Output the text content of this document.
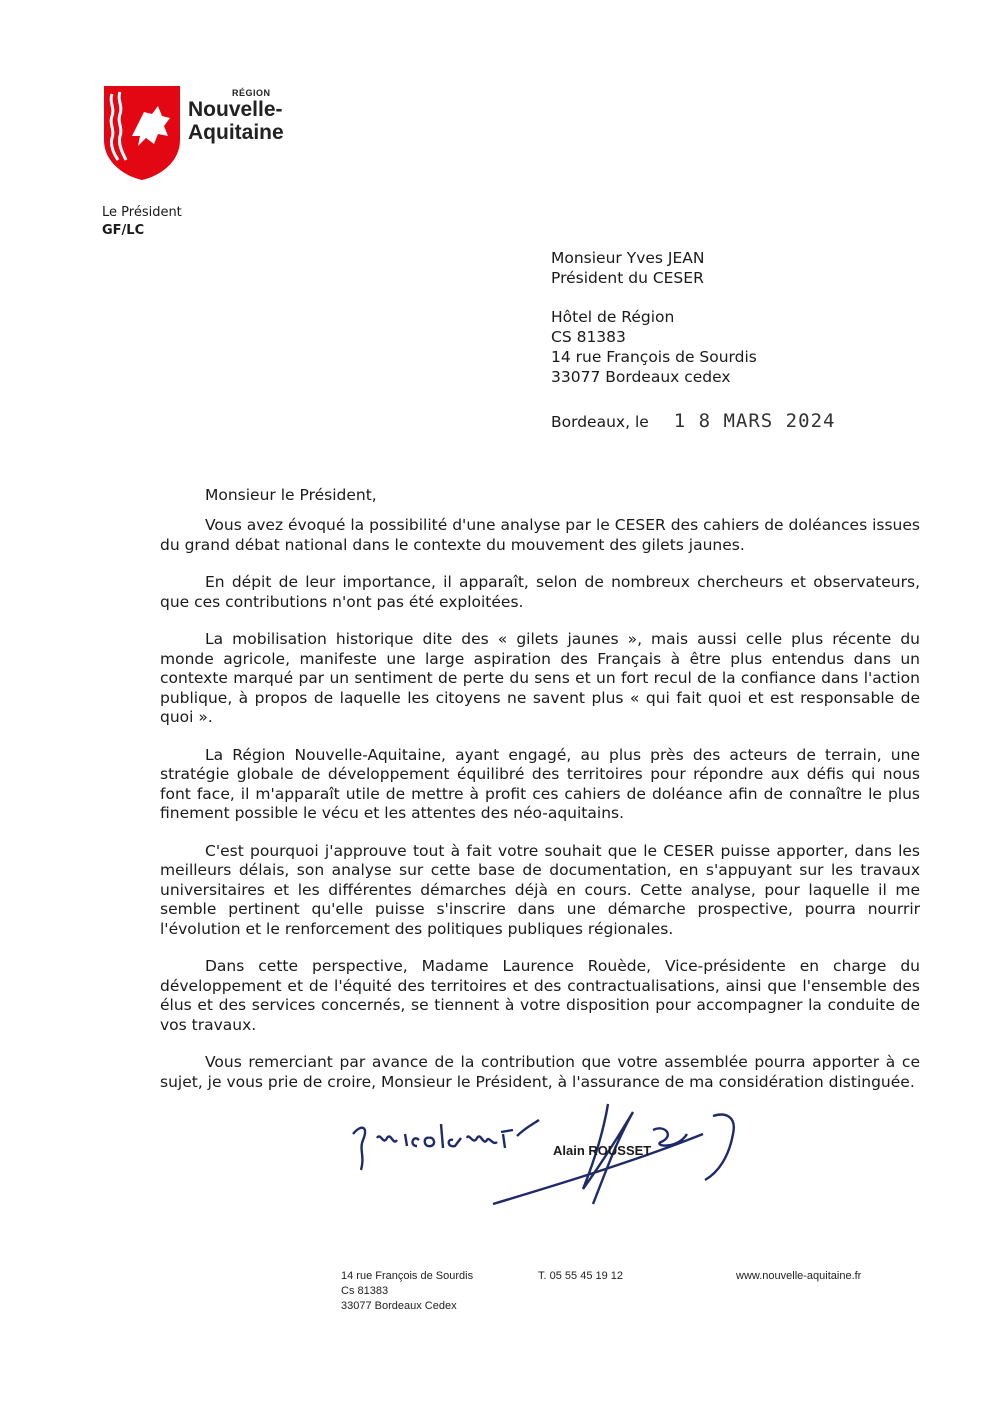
RÉGION
Nouvelle-
Aquitaine
Le Président
GF/LC
Monsieur Yves JEAN
Président du CESER
Hôtel de Région
CS 81383
14 rue François de Sourdis
33077 Bordeaux cedex
Bordeaux, le 1 8 MARS 2024
Monsieur le Président,

Vous avez évoqué la possibilité d'une analyse par le CESER des cahiers de doléances issues du grand débat national dans le contexte du mouvement des gilets jaunes.

En dépit de leur importance, il apparaît, selon de nombreux chercheurs et observateurs, que ces contributions n'ont pas été exploitées.

La mobilisation historique dite des « gilets jaunes », mais aussi celle plus récente du monde agricole, manifeste une large aspiration des Français à être plus entendus dans un contexte marqué par un sentiment de perte du sens et un fort recul de la confiance dans l'action publique, à propos de laquelle les citoyens ne savent plus « qui fait quoi et est responsable de quoi ».

La Région Nouvelle-Aquitaine, ayant engagé, au plus près des acteurs de terrain, une stratégie globale de développement équilibré des territoires pour répondre aux défis qui nous font face, il m'apparaît utile de mettre à profit ces cahiers de doléance afin de connaître le plus finement possible le vécu et les attentes des néo-aquitains.

C'est pourquoi j'approuve tout à fait votre souhait que le CESER puisse apporter, dans les meilleurs délais, son analyse sur cette base de documentation, en s'appuyant sur les travaux universitaires et les différentes démarches déjà en cours. Cette analyse, pour laquelle il me semble pertinent qu'elle puisse s'inscrire dans une démarche prospective, pourra nourrir l'évolution et le renforcement des politiques publiques régionales.

Dans cette perspective, Madame Laurence Rouède, Vice-présidente en charge du développement et de l'équité des territoires et des contractualisations, ainsi que l'ensemble des élus et des services concernés, se tiennent à votre disposition pour accompagner la conduite de vos travaux.

Vous remerciant par avance de la contribution que votre assemblée pourra apporter à ce sujet, je vous prie de croire, Monsieur le Président, à l'assurance de ma considération distinguée.

Alain ROUSSET
14 rue François de Sourdis
Cs 81383
33077 Bordeaux Cedex
T. 05 55 45 19 12	www.nouvelle-aquitaine.fr
